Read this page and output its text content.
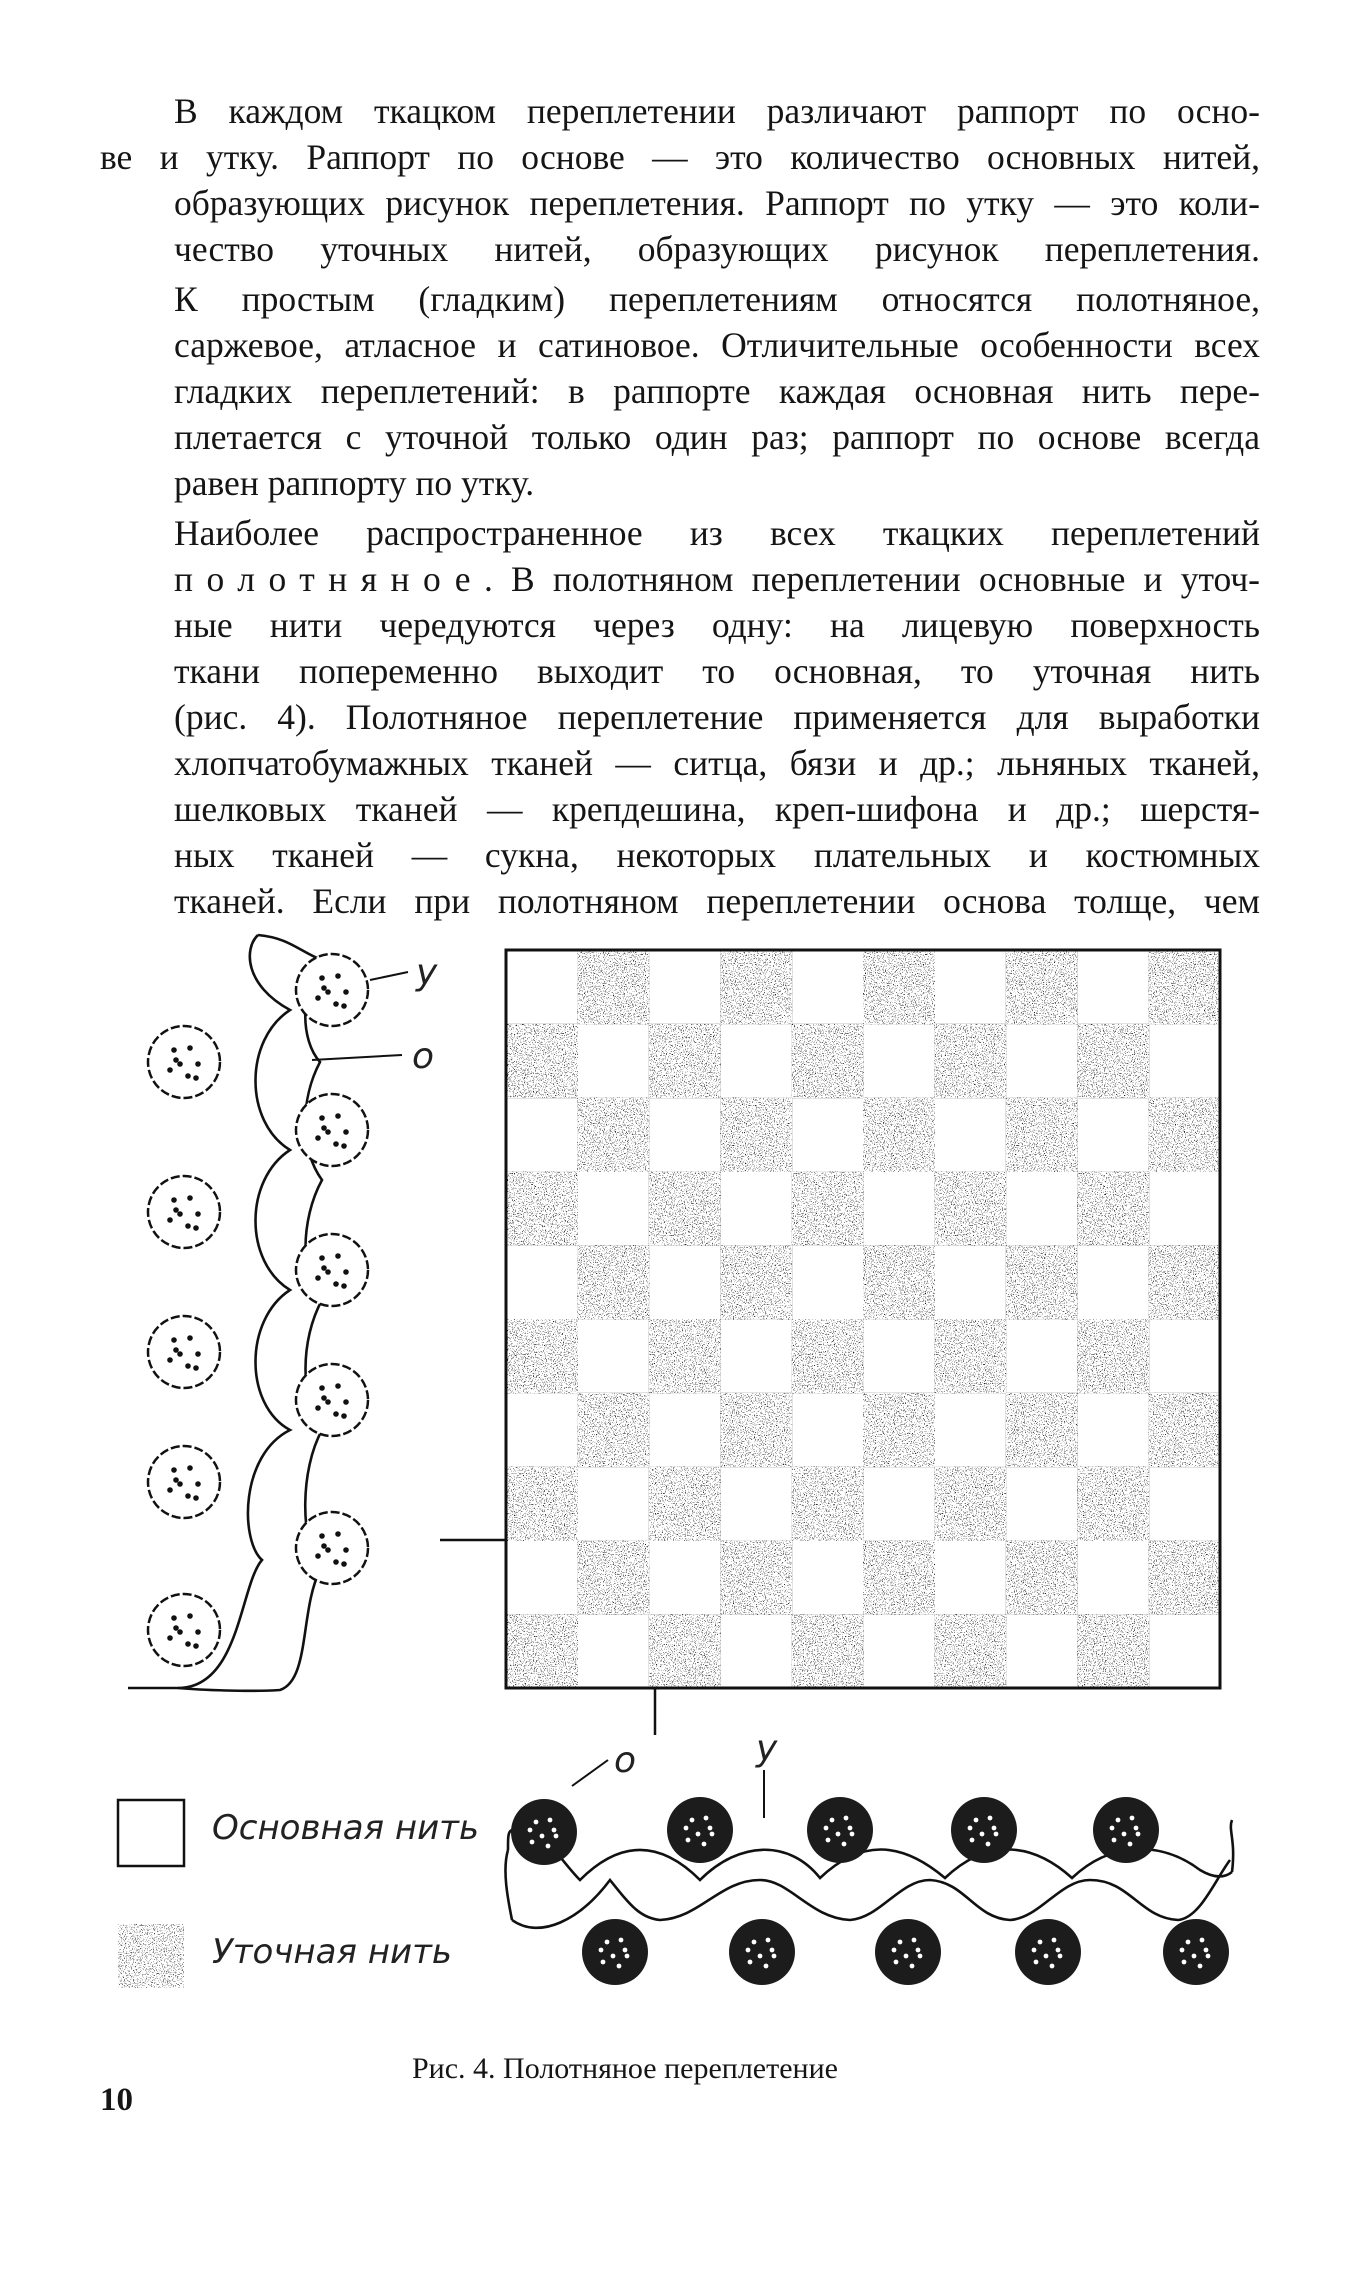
В каждом ткацком переплетении различают раппорт по осно-
ве и утку. Раппорт по основе — это количество основных нитей,
образующих рисунок переплетения. Раппорт по утку — это коли-
чество уточных нитей, образующих рисунок переплетения.

К простым (гладким) переплетениям относятся полотняное,
саржевое, атласное и сатиновое. Отличительные особенности всех
гладких переплетений: в раппорте каждая основная нить пере-
плетается с уточной только один раз; раппорт по основе всегда
равен раппорту по утку.

Наиболее распространенное из всех ткацких переплетений
полотняное. В полотняном переплетении основные и уточ-
ные нити чередуются через одну: на лицевую поверхность
ткани попеременно выходит то основная, то уточная нить
(рис. 4). Полотняное переплетение применяется для выработки
хлопчатобумажных тканей — ситца, бязи и др.; льняных тканей,
шелковых тканей — крепдешина, креп-шифона и др.; шерстя-
ных тканей — сукна, некоторых плательных и костюмных
тканей. Если при полотняном переплетении основа толще, чем

у
о
о	у
Основная нить
Уточная нить
Рис. 4. Полотняное переплетение
10
